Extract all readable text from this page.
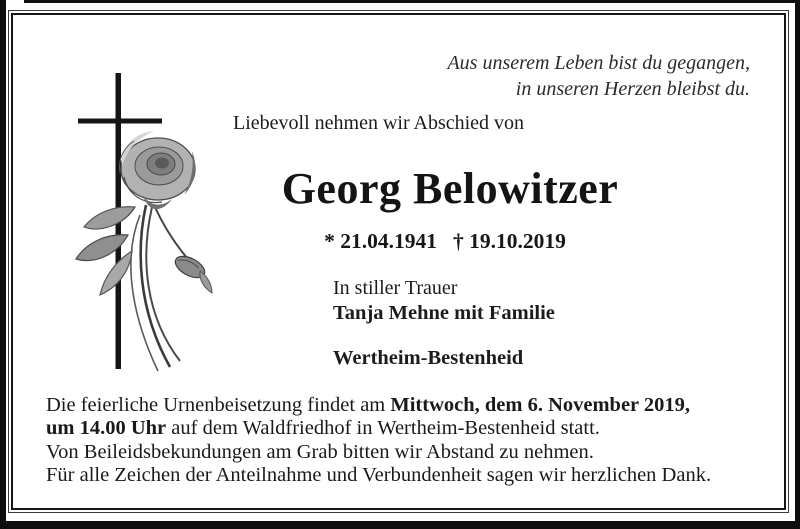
Aus unserem Leben bist du gegangen,
in unseren Herzen bleibst du.
Liebevoll nehmen wir Abschied von
Georg Belowitzer
* 21.04.1941 † 19.10.2019
In stiller Trauer
Tanja Mehne mit Familie
Wertheim-Bestenheid
Die feierliche Urnenbeisetzung findet am Mittwoch, dem 6. November 2019,
um 14.00 Uhr auf dem Waldfriedhof in Wertheim-Bestenheid statt.
Von Beileidsbekundungen am Grab bitten wir Abstand zu nehmen.
Für alle Zeichen der Anteilnahme und Verbundenheit sagen wir herzlichen Dank.
